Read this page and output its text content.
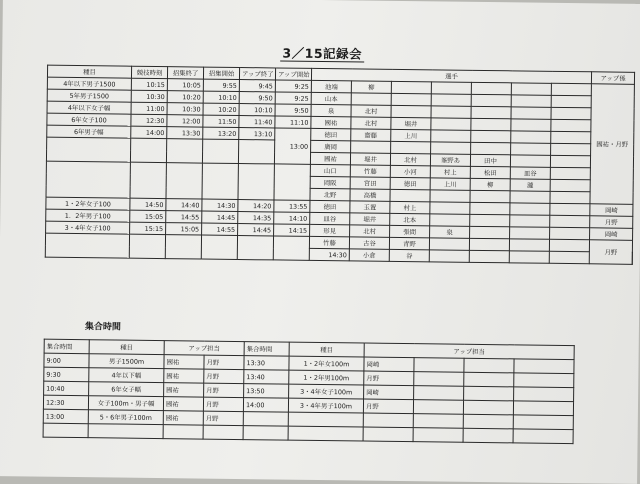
3／15記録会
種目	競技時刻	招集終了	招集開始	アップ終了	アップ開始	選手							アップ係	
4年以下男子1500	10:15	10:05	9:55	9:45	9:25	池端	柳						國祐・月野	
5年男子1500	10:30	10:20	10:10	9:50	9:25	山本								
4年以下女子幅	11:00	10:30	10:20	10:10	9:50	泉	北村							
6年女子100	12:30	12:00	11:50	11:40	11:10	國祐	北村	堀井						
6年男子幅	14:00	13:30	13:20	13:10	13:00	徳田	齋藤	上川						
						廣岡								
						國祐	堀井	北村	峯野あ	田中				
						山口	竹藤	小河	村上	松田	皿谷			
						岡阪	宮田	徳田	上川	柳	瀧			
						北野	高橋							
1・2年女子100	14:50	14:40	14:30	14:20	13:55	徳田	玉置	村上					岡崎	
1．2年男子100	15:05	14:55	14:45	14:35	14:10	皿谷	堀井	北本					月野	
3・4年女子100	15:15	15:05	14:55	14:45	14:15	形見	北村	張間	泉				岡崎	
						竹藤	古谷	青野					月野	
						14:30	小倉	谷						
集合時間
集合時間	種目	アップ担当		集合時間	種目	アップ担当			
9:00	男子1500m	國祐	月野	13:30	1・2年女100m	岡崎			
9:30	4年以下幅	國祐	月野	13:40	1・2年男100m	月野			
10:40	6年女子幅	國祐	月野	13:50	3・4年女子100m	岡崎			
12:30	女子100m・男子幅	國祐	月野	14:00	3・4年男子100m	月野			
13:00	5・6年男子100m	國祐	月野						
